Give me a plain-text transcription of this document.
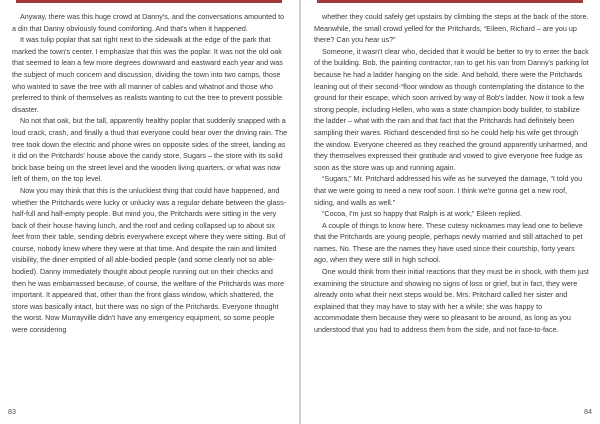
Anyway, there was this huge crowd at Danny's, and the conversations amounted to a din that Danny obviously found comforting. And that's when it happened.

It was tulip poplar that sat right next to the sidewalk at the edge of the park that marked the town's center. I emphasize that this was the poplar. It was not the old oak that seemed to lean a few more degrees downward and eastward each year and was the subject of much concern and discussion, dividing the town into two camps, those who wanted to save the tree with all manner of cables and whatnot and those who preferred to think of themselves as realists wanting to cut the tree to prevent possible disaster.

No not that oak, but the tall, apparently healthy poplar that suddenly snapped with a loud crack, crash, and finally a thud that everyone could hear over the driving rain. The tree took down the electric and phone wires on opposite sides of the street, landing as it did on the Pritchards' house above the candy store, Sugars – the store with its solid brick base being on the street level and the wooden living quarters, or what was now left of them, on the top level.

Now you may think that this is the unluckiest thing that could have happened, and whether the Pritchards were lucky or unlucky was a regular debate between the glass-half-full and half-empty people. But mind you, the Pritchards were sitting in the very back of their house having lunch, and the roof and ceiling collapsed up to about six feet from their table, sending debris everywhere except where they were sitting. But of course, nobody knew where they were at that time. And despite the rain and limited visibility, the diner emptied of all able-bodied people (and some clearly not so able-bodied). Danny immediately thought about people running out on their checks and then he was embarrassed because, of course, the welfare of the Pritchards was more important. It appeared that, other than the front glass window, which shattered, the store was basically intact, but there was no sign of the Pritchards. Everyone thought the worst. Now Murrayville didn't have any emergency equipment, so some people were considering

83

whether they could safely get upstairs by climbing the steps at the back of the store. Meanwhile, the small crowd yelled for the Pritchards, “Eileen, Richard – are you up there? Can you hear us?”

Someone, it wasn't clear who, decided that it would be better to try to enter the back of the building. Bob, the painting contractor, ran to get his van from Danny's parking lot because he had a ladder hanging on the side. And behold, there were the Pritchards leaning out of their second-“floor window as though contemplating the distance to the ground for their escape, which soon arrived by way of Bob's ladder. Now it took a few strong people, including Hellen, who was a state champion body builder, to stabilize the ladder – what with the rain and that fact that the Pritchards had definitely been sampling their wares. Richard descended first so he could help his wife get through the window. Everyone cheered as they reached the ground apparently unharmed, and they themselves expressed their gratitude and vowed to give everyone free fudge as soon as the store was up and running again.

“Sugars,” Mr. Pritchard addressed his wife as he surveyed the damage, “I told you that we were going to need a new roof soon. I think we're gonna get a new roof, siding, and walls as well.”

“Cocoa, I'm just so happy that Ralph is at work,” Eileen replied.

A couple of things to know here. These cutesy nicknames may lead one to believe that the Pritchards are young people, perhaps newly married and still attached to pet names. No. These are the names they have used since their courtship, forty years ago, when they were still in high school.

One would think from their initial reactions that they must be in shock, with them just examining the structure and showing no signs of loss or grief, but in fact, they were already onto what their next steps would be. Mrs. Pritchard called her sister and explained that they may have to stay with her a while; she was happy to accommodate them because they were so pleasant to be around, as long as you understood that you had to address them from the side, and not face-to-face.

84
